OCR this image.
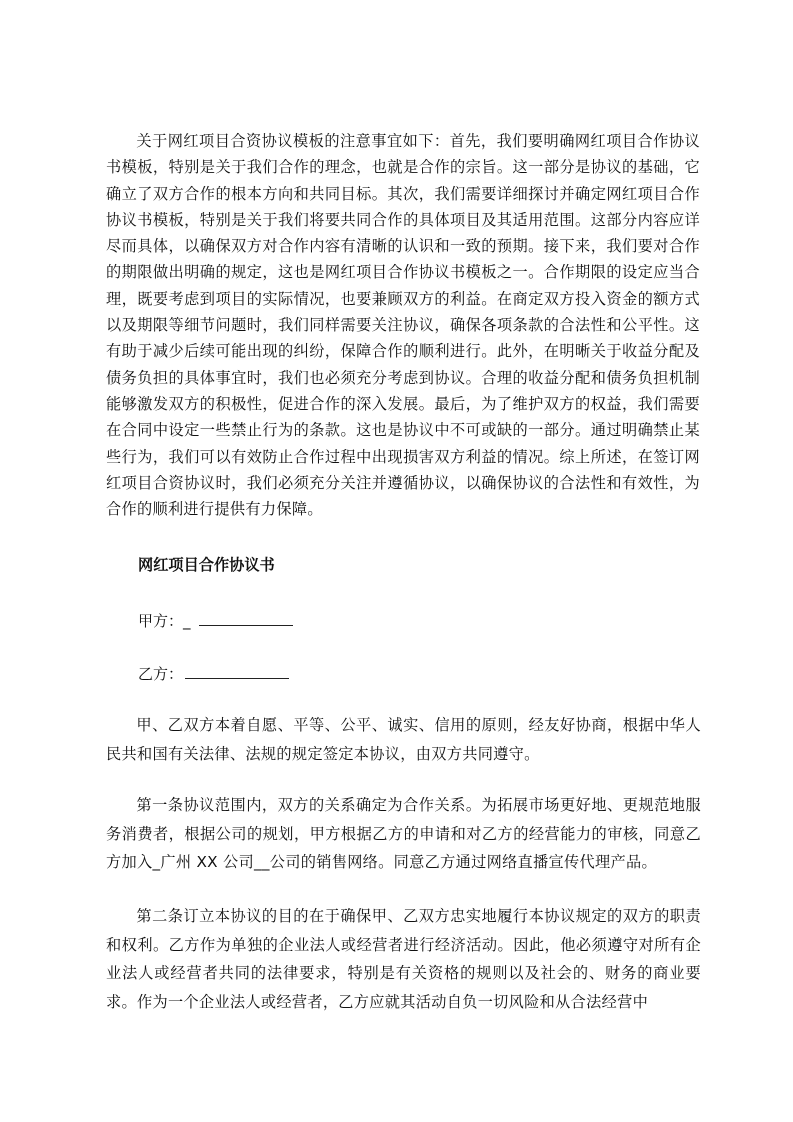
关于网红项目合资协议模板的注意事宜如下：首先，我们要明确网红项目合作协议书模板，特别是关于我们合作的理念，也就是合作的宗旨。这一部分是协议的基础，它确立了双方合作的根本方向和共同目标。其次，我们需要详细探讨并确定网红项目合作协议书模板，特别是关于我们将要共同合作的具体项目及其适用范围。这部分内容应详尽而具体，以确保双方对合作内容有清晰的认识和一致的预期。接下来，我们要对合作的期限做出明确的规定，这也是网红项目合作协议书模板之一。合作期限的设定应当合理，既要考虑到项目的实际情况，也要兼顾双方的利益。在商定双方投入资金的额方式以及期限等细节问题时，我们同样需要关注协议，确保各项条款的合法性和公平性。这有助于减少后续可能出现的纠纷，保障合作的顺利进行。此外，在明晰关于收益分配及债务负担的具体事宜时，我们也必须充分考虑到协议。合理的收益分配和债务负担机制能够激发双方的积极性，促进合作的深入发展。最后，为了维护双方的权益，我们需要在合同中设定一些禁止行为的条款。这也是协议中不可或缺的一部分。通过明确禁止某些行为，我们可以有效防止合作过程中出现损害双方利益的情况。综上所述，在签订网红项目合资协议时，我们必须充分关注并遵循协议，以确保协议的合法性和有效性，为合作的顺利进行提供有力保障。
网红项目合作协议书
甲方：_
乙方：
甲、乙双方本着自愿、平等、公平、诚实、信用的原则，经友好协商，根据中华人民共和国有关法律、法规的规定签定本协议，由双方共同遵守。
第一条协议范围内，双方的关系确定为合作关系。为拓展市场更好地、更规范地服务消费者，根据公司的规划，甲方根据乙方的申请和对乙方的经营能力的审核，同意乙方加入_广州 XX 公司__公司的销售网络。同意乙方通过网络直播宣传代理产品。
第二条订立本协议的目的在于确保甲、乙双方忠实地履行本协议规定的双方的职责和权利。乙方作为单独的企业法人或经营者进行经济活动。因此，他必须遵守对所有企业法人或经营者共同的法律要求，特别是有关资格的规则以及社会的、财务的商业要求。作为一个企业法人或经营者，乙方应就其活动自负一切风险和从合法经营中
